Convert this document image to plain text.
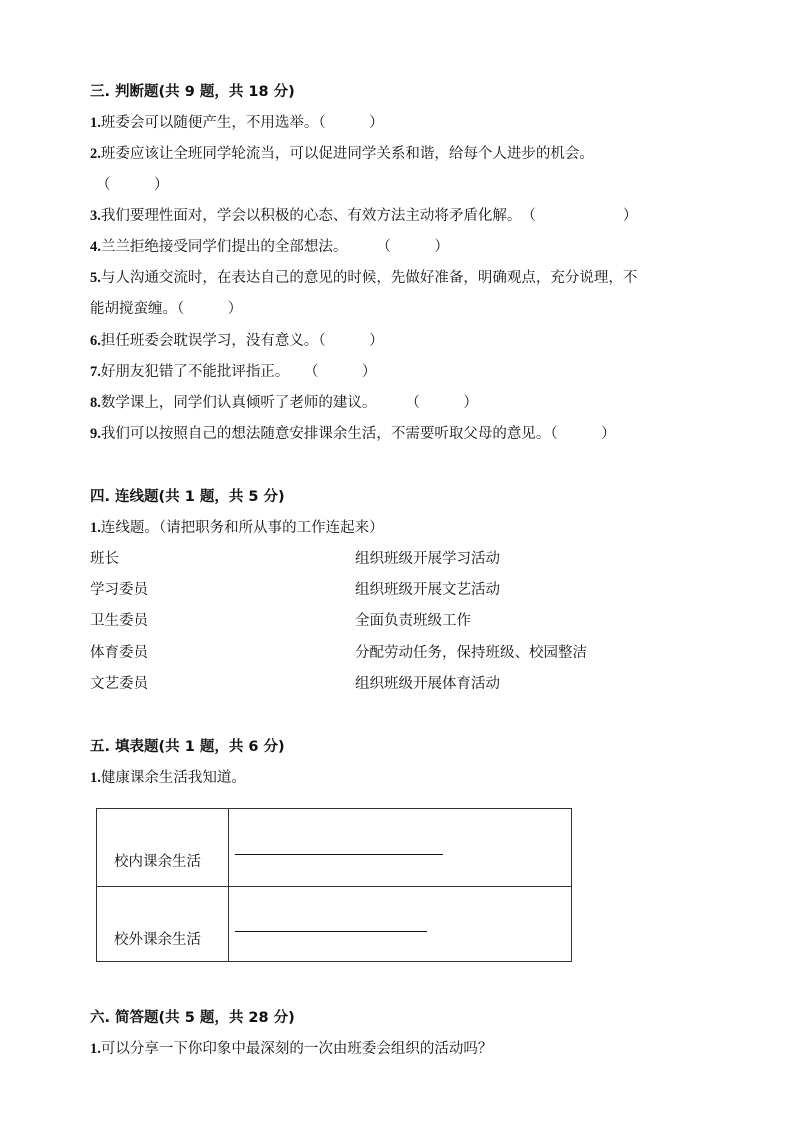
三. 判断题(共 9 题，共 18 分)
1.班委会可以随便产生，不用选举。（　　　）
2.班委应该让全班同学轮流当，可以促进同学关系和谐，给每个人进步的机会。
（　　　）
3.我们要理性面对，学会以积极的心态、有效方法主动将矛盾化解。　（　　　　　　）
4.兰兰拒绝接受同学们提出的全部想法。　　　（　　　）
5.与人沟通交流时，在表达自己的意见的时候，先做好准备，明确观点，充分说理，不
能胡搅蛮缠。（　　　）
6.担任班委会耽误学习，没有意义。（　　　）
7.好朋友犯错了不能批评指正。　　（　　　）
8.数学课上，同学们认真倾听了老师的建议。　　　（　　　）
9.我们可以按照自己的想法随意安排课余生活，不需要听取父母的意见。（　　　）
四. 连线题(共 1 题，共 5 分)
1.连线题。（请把职务和所从事的工作连起来）
班长
学习委员
卫生委员
体育委员
文艺委员
组织班级开展学习活动
组织班级开展文艺活动
全面负责班级工作
分配劳动任务，保持班级、校园整洁
组织班级开展体育活动
五. 填表题(共 1 题，共 6 分)
1.健康课余生活我知道。
校内课余生活
校外课余生活
六. 简答题(共 5 题，共 28 分)
1.可以分享一下你印象中最深刻的一次由班委会组织的活动吗？
